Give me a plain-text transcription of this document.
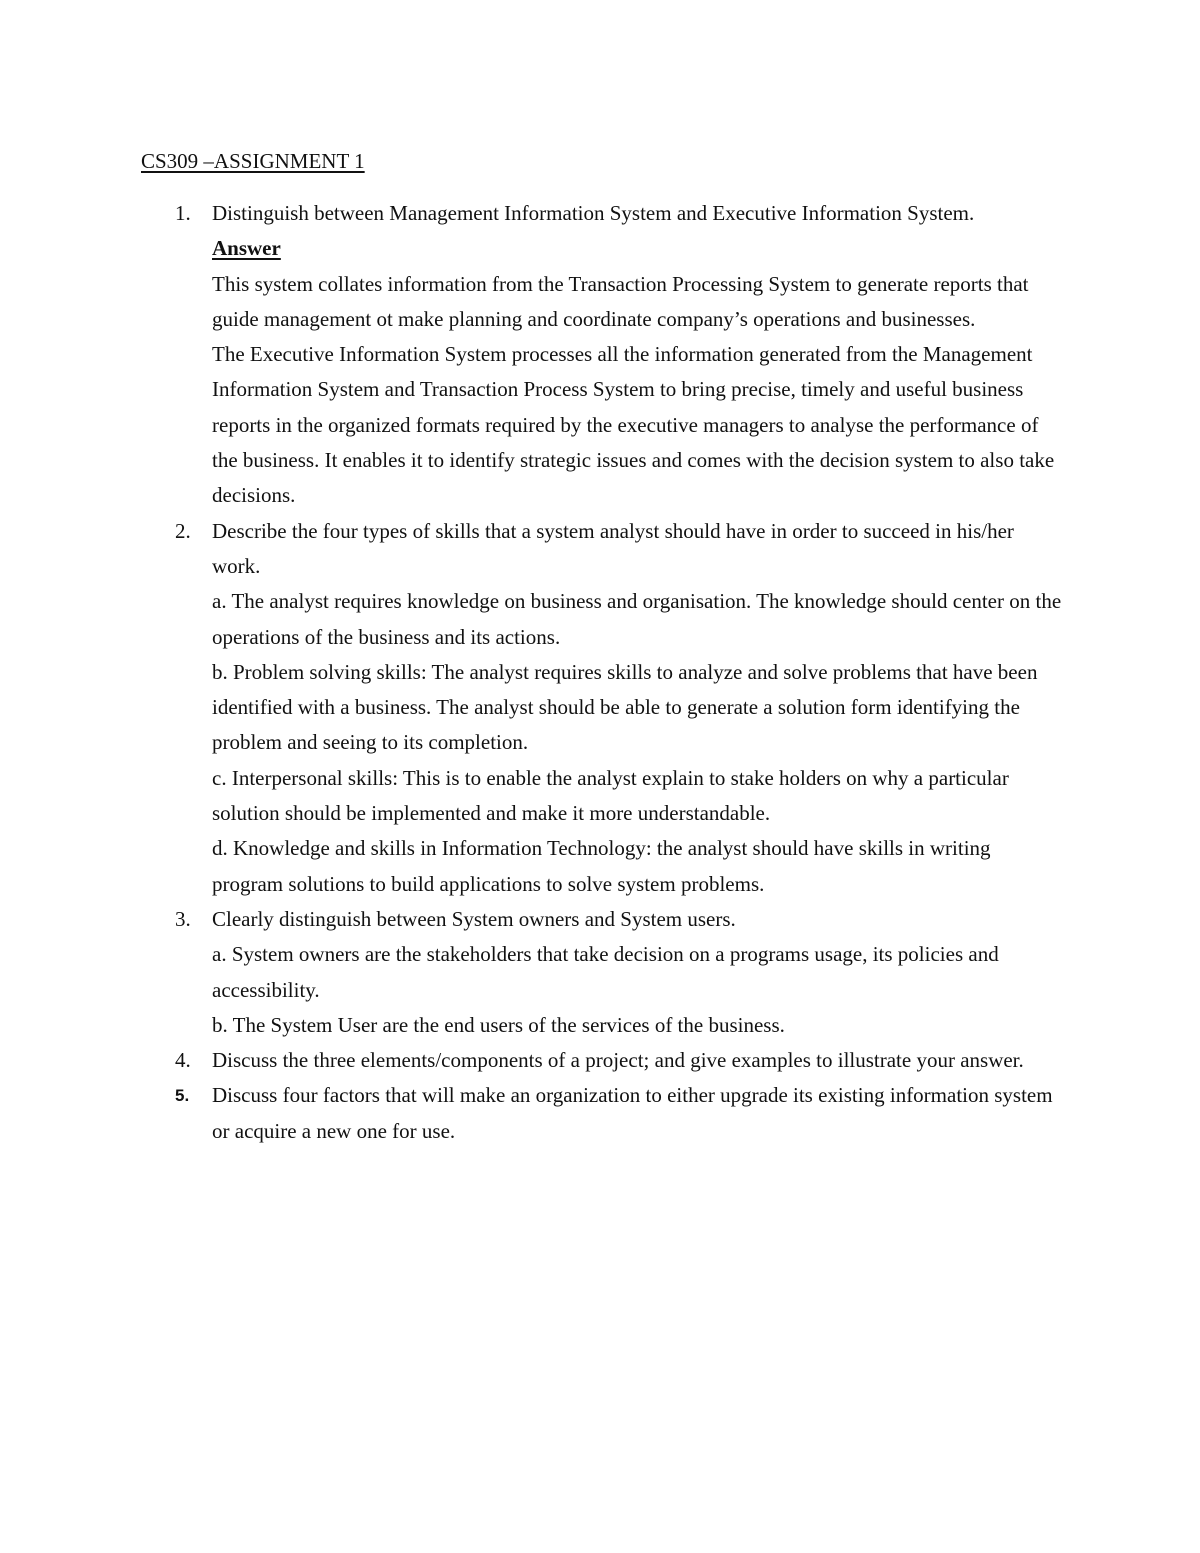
CS309 –ASSIGNMENT 1
1. Distinguish between Management Information System and Executive Information System.
Answer
This system collates information from the Transaction Processing System to generate reports that guide management ot make planning and coordinate company’s operations and businesses.
The Executive Information System processes all the information generated from the Management Information System and Transaction Process System to bring precise, timely and useful business reports in the organized formats required by the executive managers to analyse the performance of the business. It enables it to identify strategic issues and comes with the decision system to also take decisions.
2. Describe the four types of skills that a system analyst should have in order to succeed in his/her work.
a. The analyst requires knowledge on business and organisation. The knowledge should center on the operations of the business and its actions.
b. Problem solving skills: The analyst requires skills to analyze and solve problems that have been identified with a business. The analyst should be able to generate a solution form identifying the problem and seeing to its completion.
c. Interpersonal skills: This is to enable the analyst explain to stake holders on why a particular solution should be implemented and make it more understandable.
d. Knowledge and skills in Information Technology: the analyst should have skills in writing program solutions to build applications to solve system problems.
3. Clearly distinguish between System owners and System users.
a. System owners are the stakeholders that take decision on a programs usage, its policies and accessibility.
b. The System User are the end users of the services of the business.
4. Discuss the three elements/components of a project; and give examples to illustrate your answer.
5. Discuss four factors that will make an organization to either upgrade its existing information system or acquire a new one for use.
